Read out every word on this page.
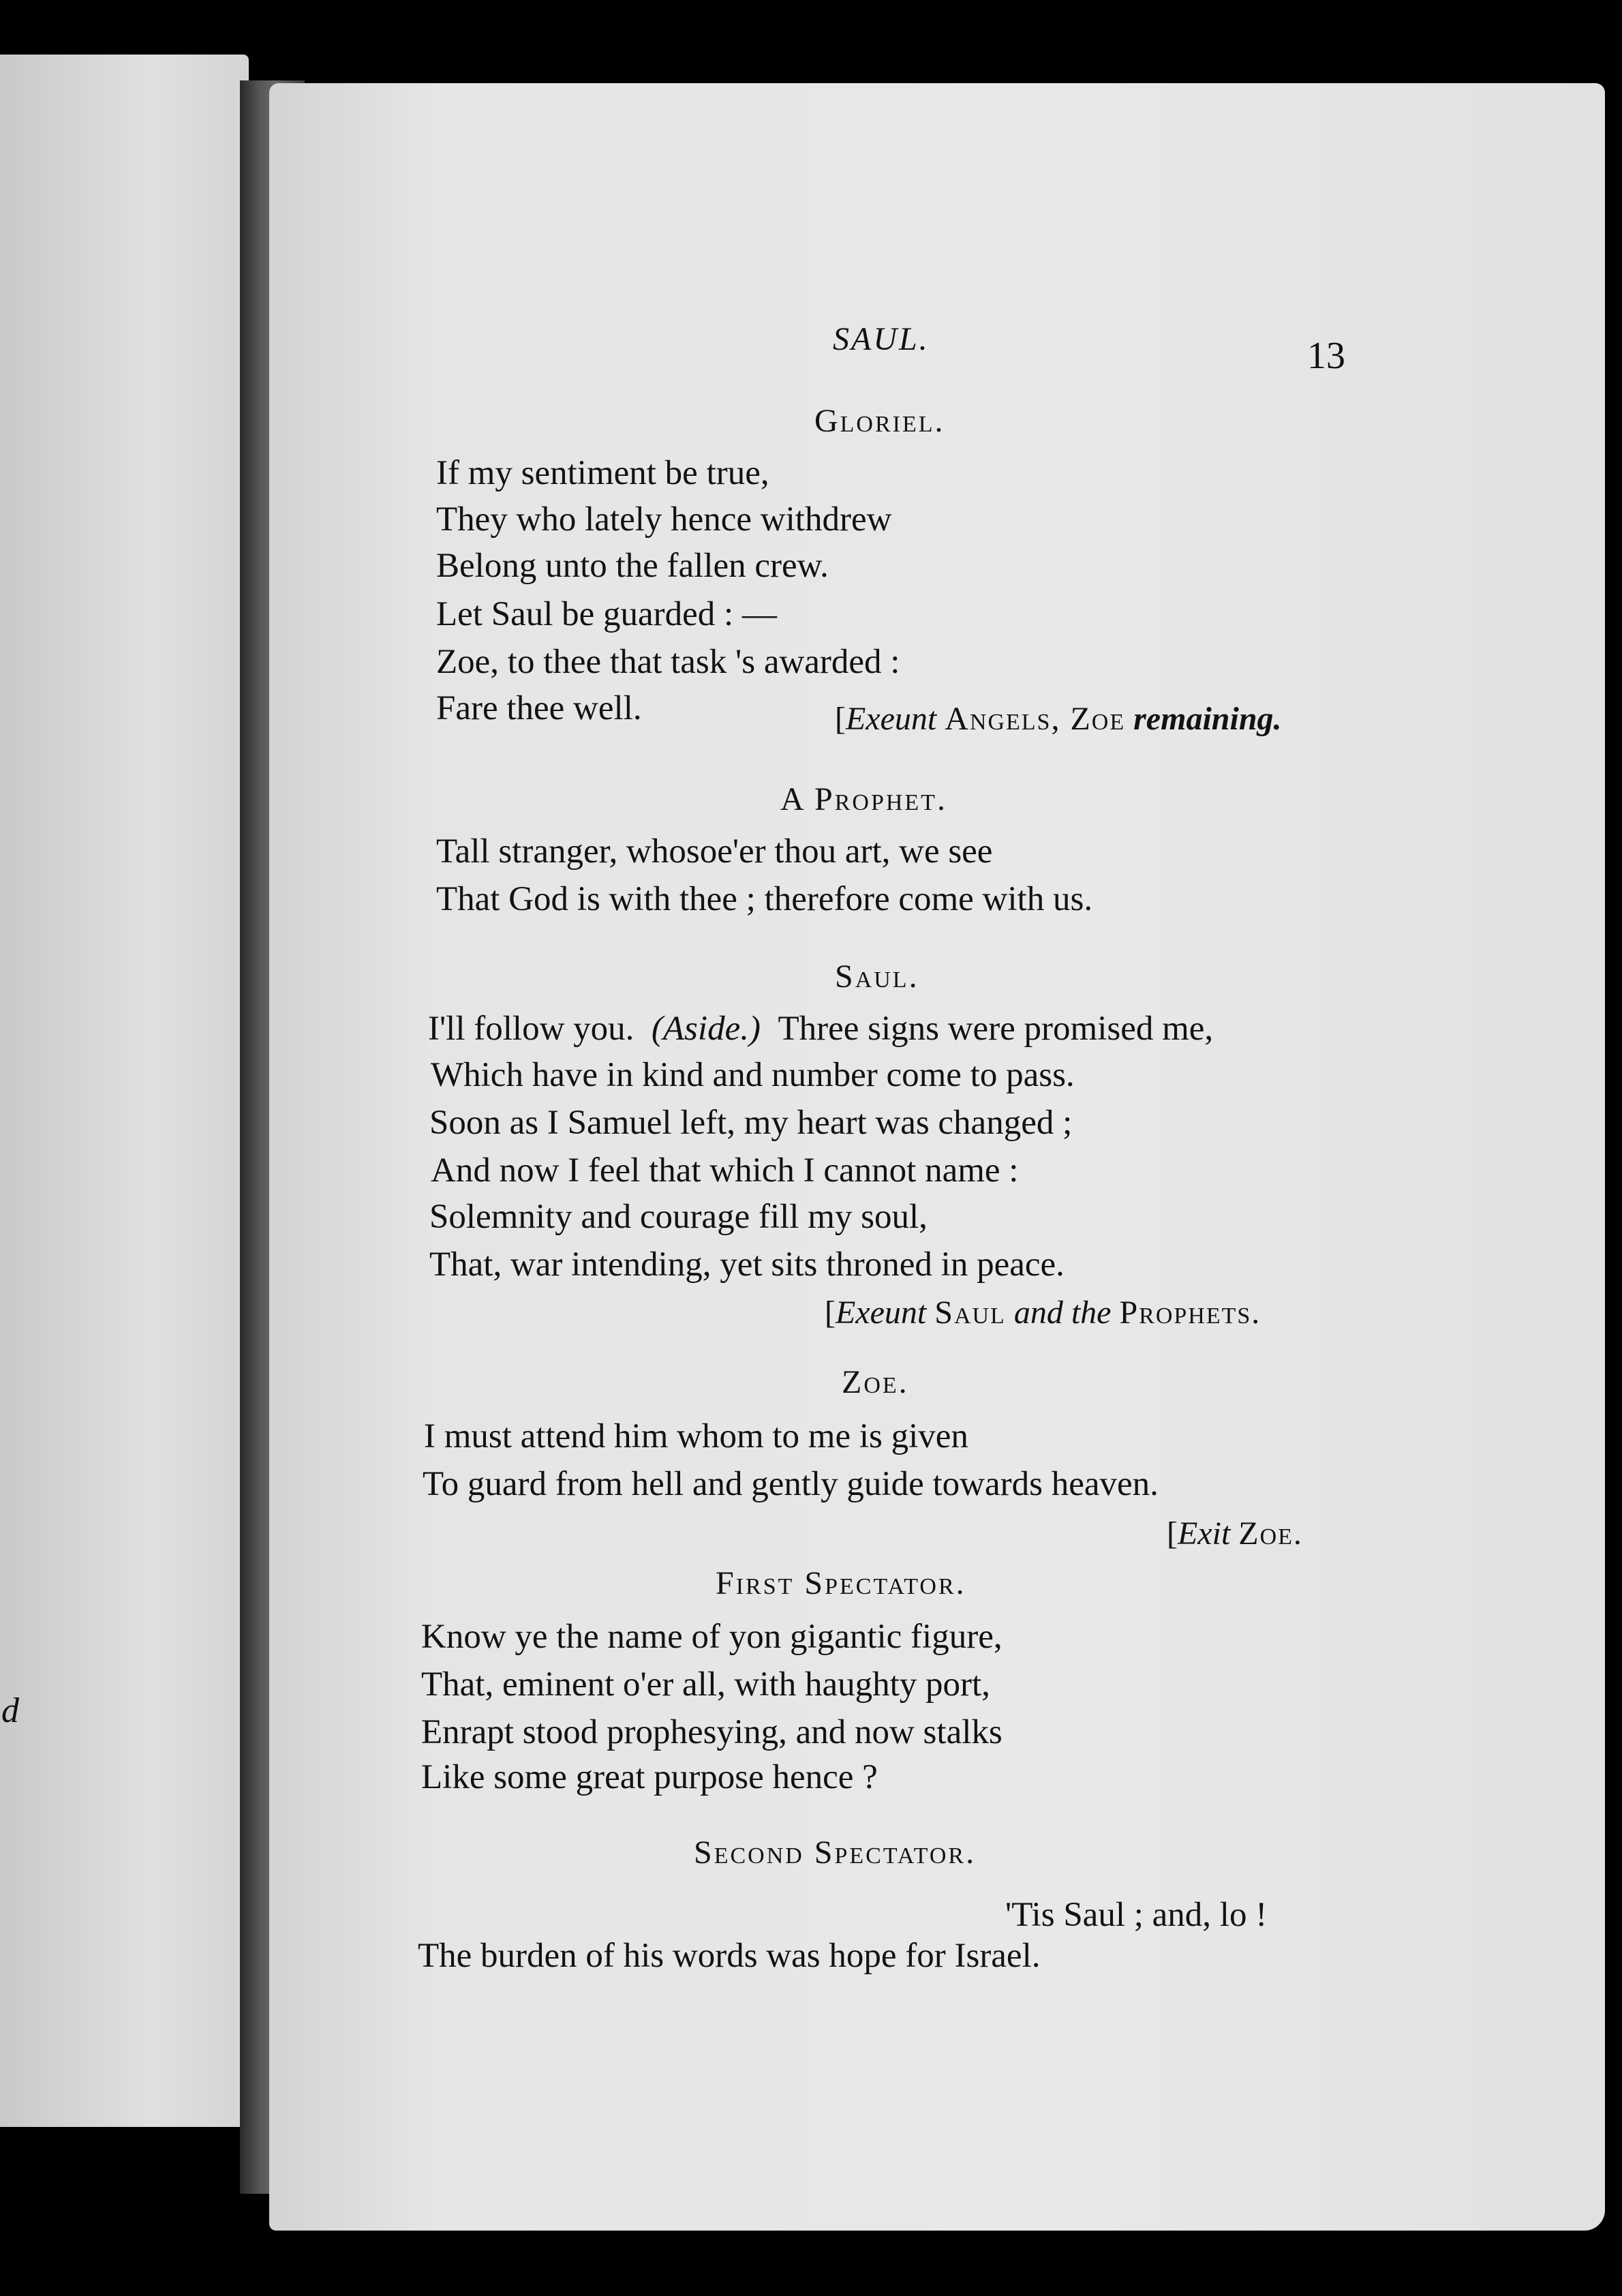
d
SAUL.	13
Gloriel.
If my sentiment be true,
They who lately hence withdrew
Belong unto the fallen crew.
Let Saul be guarded : —
Zoe, to thee that task 's awarded :
Fare thee well.	[Exeunt Angels, Zoe remaining.
A Prophet.
Tall stranger, whosoe'er thou art, we see
That God is with thee ; therefore come with us.
Saul.
I'll follow you. (Aside.) Three signs were promised me,
Which have in kind and number come to pass.
Soon as I Samuel left, my heart was changed ;
And now I feel that which I cannot name :
Solemnity and courage fill my soul,
That, war intending, yet sits throned in peace.
[Exeunt Saul and the Prophets.
Zoe.
I must attend him whom to me is given
To guard from hell and gently guide towards heaven.
[Exit Zoe.
First Spectator.
Know ye the name of yon gigantic figure,
That, eminent o'er all, with haughty port,
Enrapt stood prophesying, and now stalks
Like some great purpose hence ?
Second Spectator.
'Tis Saul ; and, lo !
The burden of his words was hope for Israel.
